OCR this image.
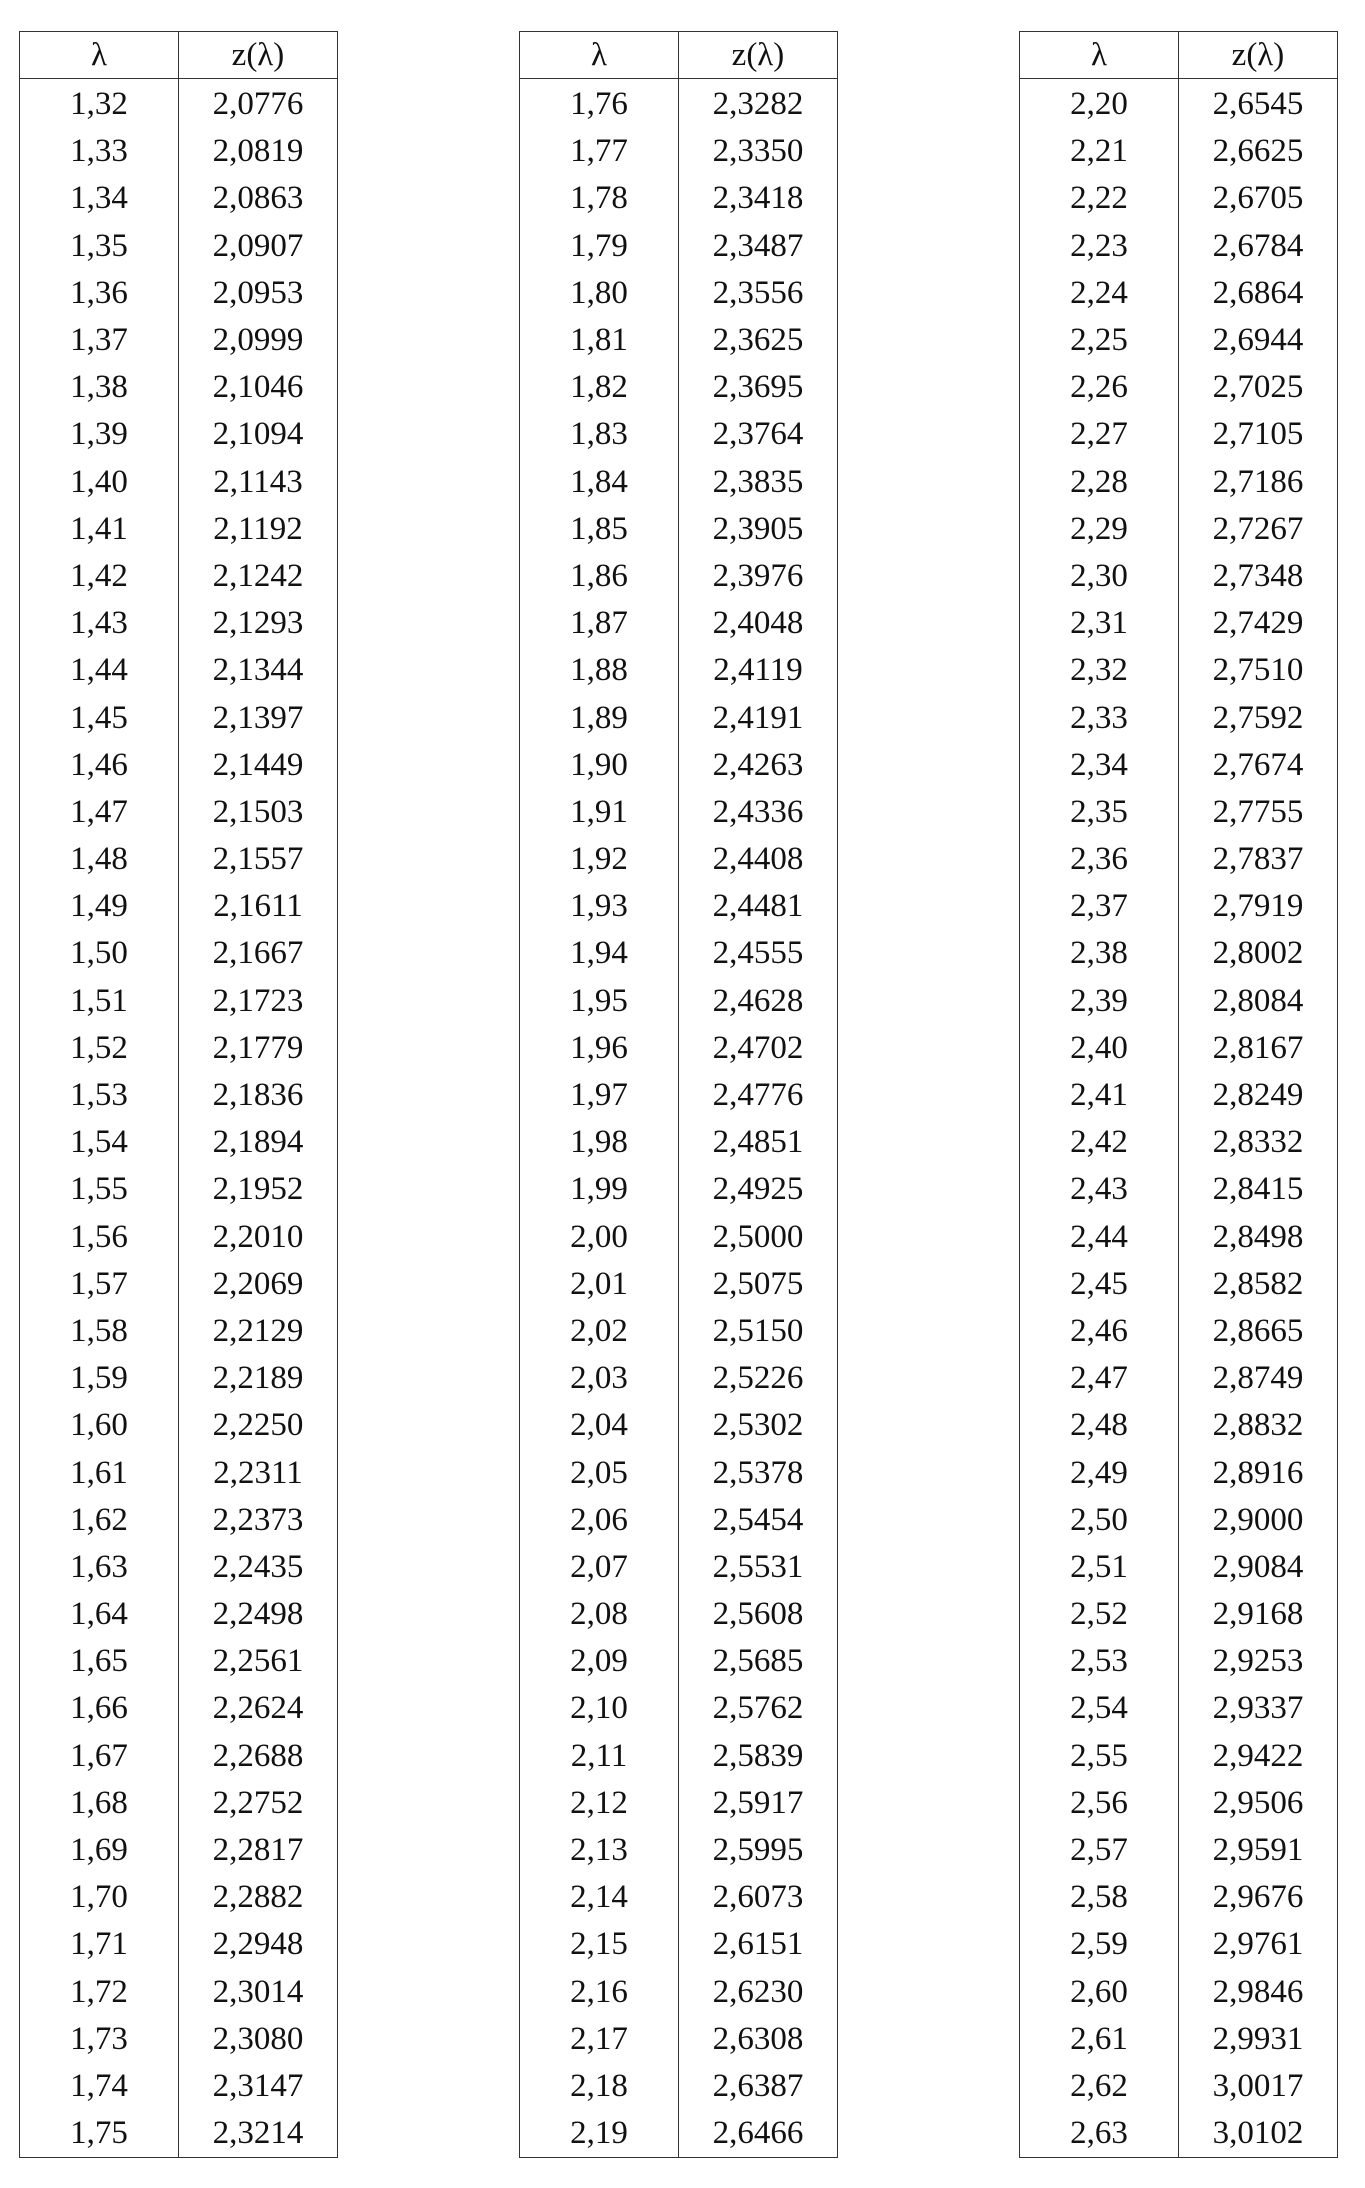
λ	z(λ)
1,32	2,0776
1,33	2,0819
1,34	2,0863
1,35	2,0907
1,36	2,0953
1,37	2,0999
1,38	2,1046
1,39	2,1094
1,40	2,1143
1,41	2,1192
1,42	2,1242
1,43	2,1293
1,44	2,1344
1,45	2,1397
1,46	2,1449
1,47	2,1503
1,48	2,1557
1,49	2,1611
1,50	2,1667
1,51	2,1723
1,52	2,1779
1,53	2,1836
1,54	2,1894
1,55	2,1952
1,56	2,2010
1,57	2,2069
1,58	2,2129
1,59	2,2189
1,60	2,2250
1,61	2,2311
1,62	2,2373
1,63	2,2435
1,64	2,2498
1,65	2,2561
1,66	2,2624
1,67	2,2688
1,68	2,2752
1,69	2,2817
1,70	2,2882
1,71	2,2948
1,72	2,3014
1,73	2,3080
1,74	2,3147
1,75	2,3214
λ	z(λ)
1,76	2,3282
1,77	2,3350
1,78	2,3418
1,79	2,3487
1,80	2,3556
1,81	2,3625
1,82	2,3695
1,83	2,3764
1,84	2,3835
1,85	2,3905
1,86	2,3976
1,87	2,4048
1,88	2,4119
1,89	2,4191
1,90	2,4263
1,91	2,4336
1,92	2,4408
1,93	2,4481
1,94	2,4555
1,95	2,4628
1,96	2,4702
1,97	2,4776
1,98	2,4851
1,99	2,4925
2,00	2,5000
2,01	2,5075
2,02	2,5150
2,03	2,5226
2,04	2,5302
2,05	2,5378
2,06	2,5454
2,07	2,5531
2,08	2,5608
2,09	2,5685
2,10	2,5762
2,11	2,5839
2,12	2,5917
2,13	2,5995
2,14	2,6073
2,15	2,6151
2,16	2,6230
2,17	2,6308
2,18	2,6387
2,19	2,6466
λ	z(λ)
2,20	2,6545
2,21	2,6625
2,22	2,6705
2,23	2,6784
2,24	2,6864
2,25	2,6944
2,26	2,7025
2,27	2,7105
2,28	2,7186
2,29	2,7267
2,30	2,7348
2,31	2,7429
2,32	2,7510
2,33	2,7592
2,34	2,7674
2,35	2,7755
2,36	2,7837
2,37	2,7919
2,38	2,8002
2,39	2,8084
2,40	2,8167
2,41	2,8249
2,42	2,8332
2,43	2,8415
2,44	2,8498
2,45	2,8582
2,46	2,8665
2,47	2,8749
2,48	2,8832
2,49	2,8916
2,50	2,9000
2,51	2,9084
2,52	2,9168
2,53	2,9253
2,54	2,9337
2,55	2,9422
2,56	2,9506
2,57	2,9591
2,58	2,9676
2,59	2,9761
2,60	2,9846
2,61	2,9931
2,62	3,0017
2,63	3,0102
